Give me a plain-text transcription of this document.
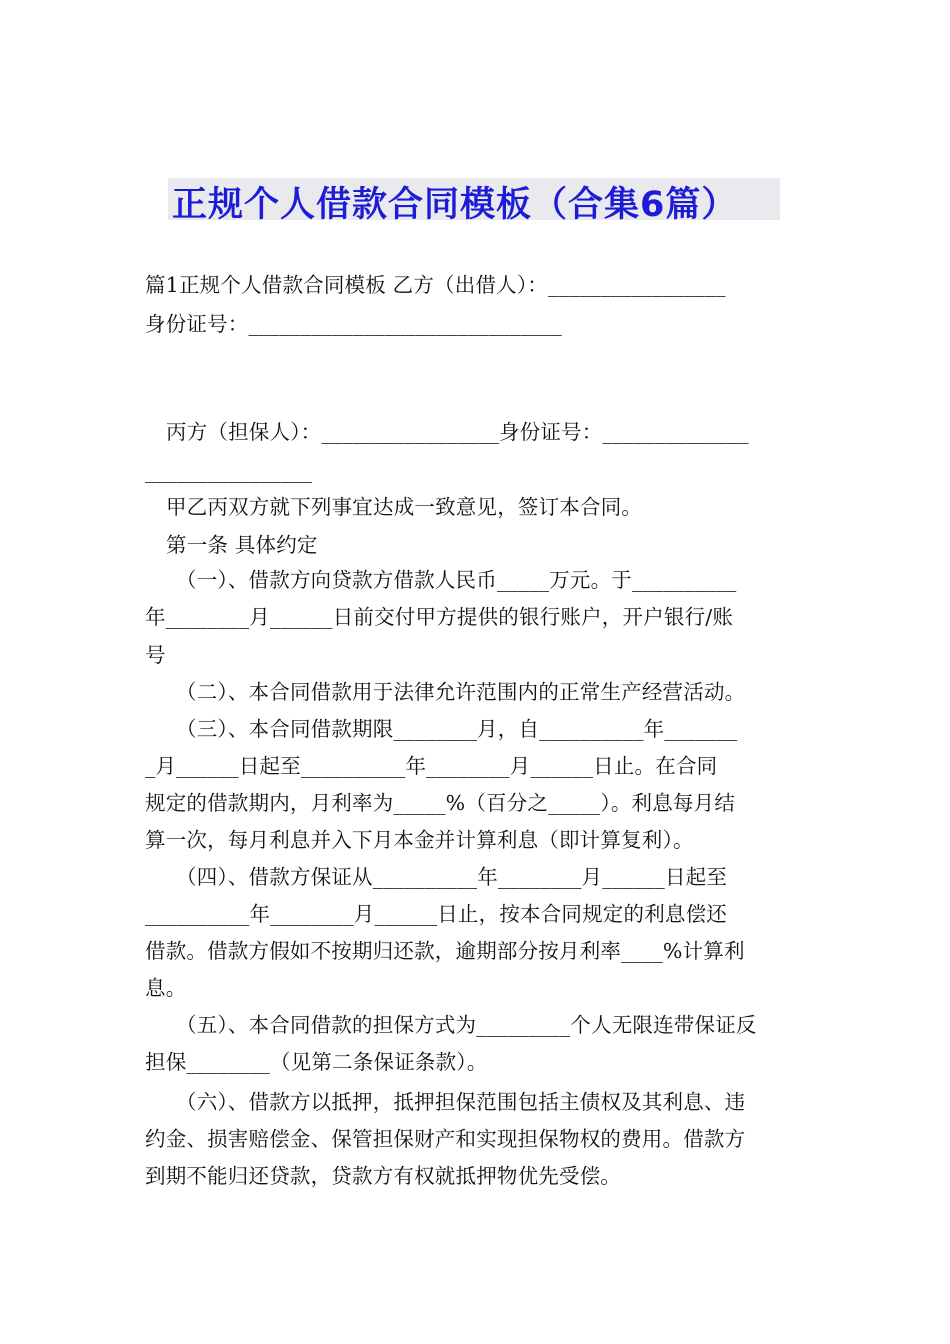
正规个人借款合同模板（合集6篇）
篇1正规个人借款合同模板 乙方（出借人）：_________________
身份证号：______________________________
丙方（担保人）：_________________身份证号：______________
________________
甲乙丙双方就下列事宜达成一致意见，签订本合同。
第一条 具体约定
（一）、借款方向贷款方借款人民币_____万元。于__________
年________月______日前交付甲方提供的银行账户，开户银行/账
号
（二）、本合同借款用于法律允许范围内的正常生产经营活动。
（三）、本合同借款期限________月，自__________年_______
_月______日起至__________年________月______日止。在合同
规定的借款期内，月利率为_____%（百分之_____）。利息每月结
算一次，每月利息并入下月本金并计算利息（即计算复利）。
（四）、借款方保证从__________年________月______日起至
__________年________月______日止，按本合同规定的利息偿还
借款。借款方假如不按期归还款，逾期部分按月利率____%计算利
息。
（五）、本合同借款的担保方式为_________个人无限连带保证反
担保________（见第二条保证条款）。
（六）、借款方以抵押，抵押担保范围包括主债权及其利息、违
约金、损害赔偿金、保管担保财产和实现担保物权的费用。借款方
到期不能归还贷款，贷款方有权就抵押物优先受偿。
